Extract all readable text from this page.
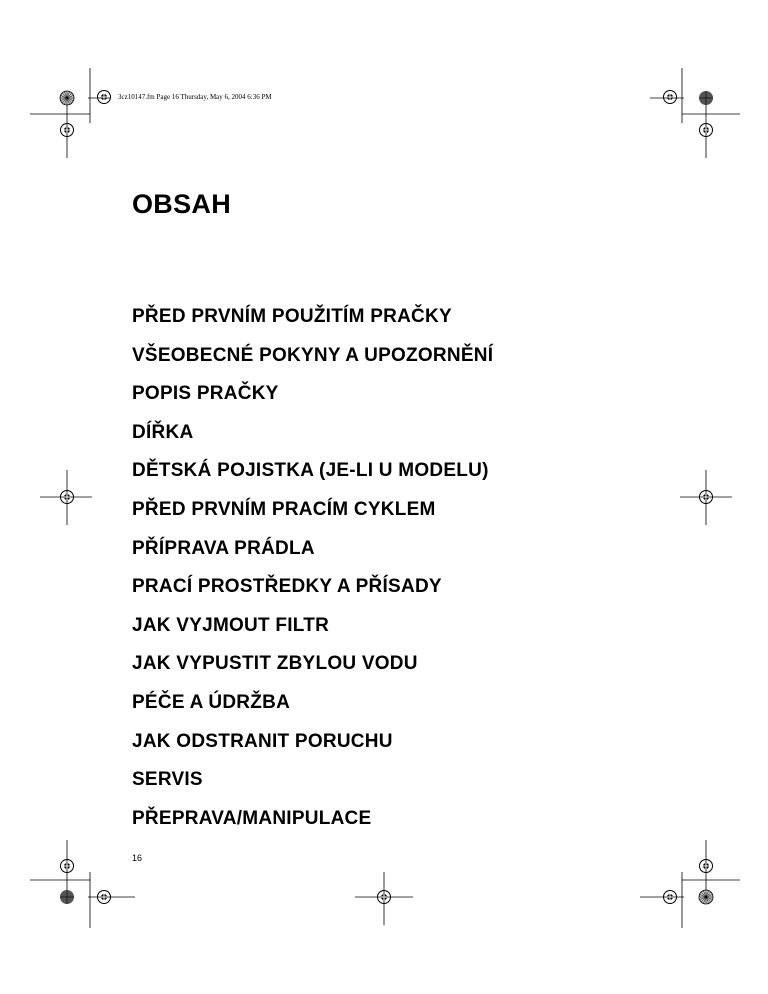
3cz10147.fm Page 16 Thursday, May 6, 2004 6:36 PM
OBSAH
PŘED PRVNÍM POUŽITÍM PRAČKY
VŠEOBECNÉ POKYNY A UPOZORNĚNÍ
POPIS PRAČKY
DÍŘKA
DĚTSKÁ POJISTKA (JE-LI U MODELU)
PŘED PRVNÍM PRACÍM CYKLEM
PŘÍPRAVA PRÁDLA
PRACÍ PROSTŘEDKY A PŘÍSADY
JAK VYJMOUT FILTR
JAK VYPUSTIT ZBYLOU VODU
PÉČE A ÚDRŽBA
JAK ODSTRANIT PORUCHU
SERVIS
PŘEPRAVA/MANIPULACE
16
